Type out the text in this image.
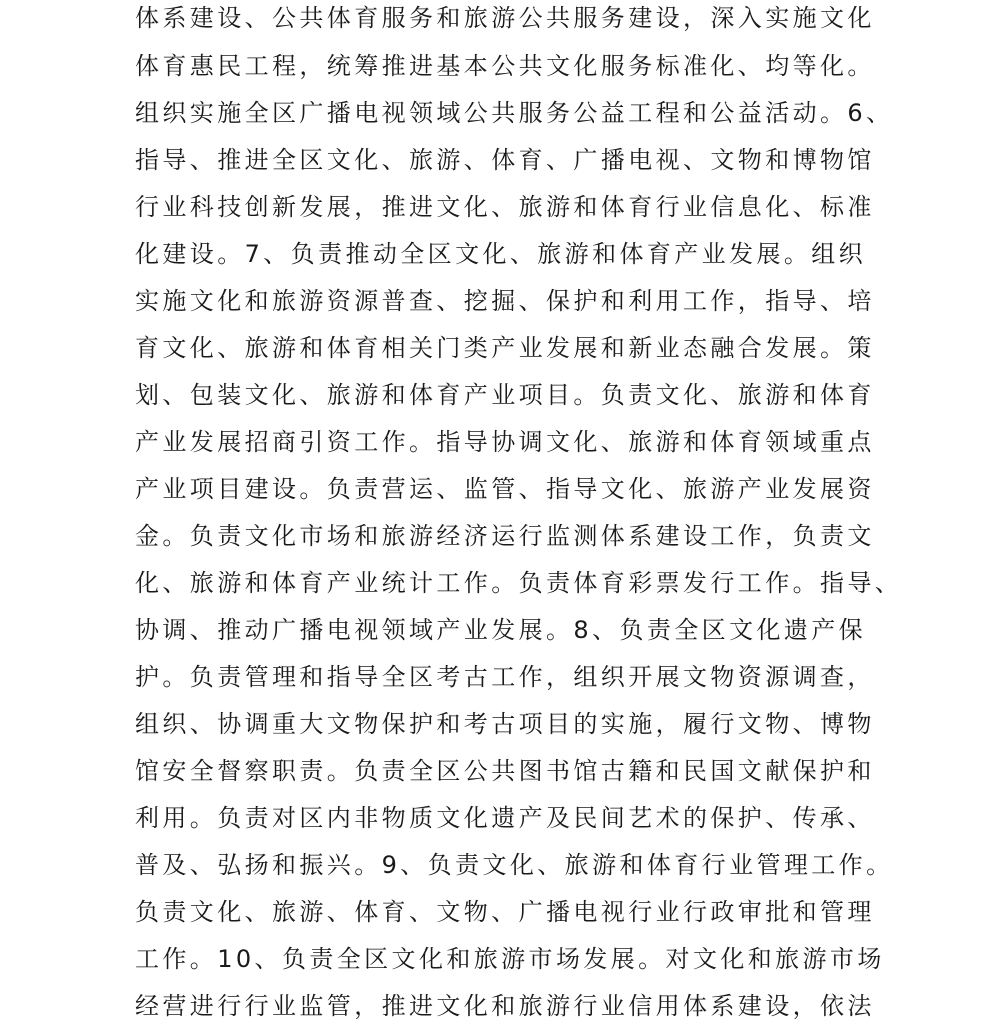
体系建设、公共体育服务和旅游公共服务建设，深入实施文化
体育惠民工程，统筹推进基本公共文化服务标准化、均等化。
组织实施全区广播电视领域公共服务公益工程和公益活动。6、
指导、推进全区文化、旅游、体育、广播电视、文物和博物馆
行业科技创新发展，推进文化、旅游和体育行业信息化、标准
化建设。7、负责推动全区文化、旅游和体育产业发展。组织
实施文化和旅游资源普查、挖掘、保护和利用工作，指导、培
育文化、旅游和体育相关门类产业发展和新业态融合发展。策
划、包装文化、旅游和体育产业项目。负责文化、旅游和体育
产业发展招商引资工作。指导协调文化、旅游和体育领域重点
产业项目建设。负责营运、监管、指导文化、旅游产业发展资
金。负责文化市场和旅游经济运行监测体系建设工作，负责文
化、旅游和体育产业统计工作。负责体育彩票发行工作。指导、
协调、推动广播电视领域产业发展。8、负责全区文化遗产保
护。负责管理和指导全区考古工作，组织开展文物资源调查，
组织、协调重大文物保护和考古项目的实施，履行文物、博物
馆安全督察职责。负责全区公共图书馆古籍和民国文献保护和
利用。负责对区内非物质文化遗产及民间艺术的保护、传承、
普及、弘扬和振兴。9、负责文化、旅游和体育行业管理工作。
负责文化、旅游、体育、文物、广播电视行业行政审批和管理
工作。10、负责全区文化和旅游市场发展。对文化和旅游市场
经营进行行业监管，推进文化和旅游行业信用体系建设，依法
